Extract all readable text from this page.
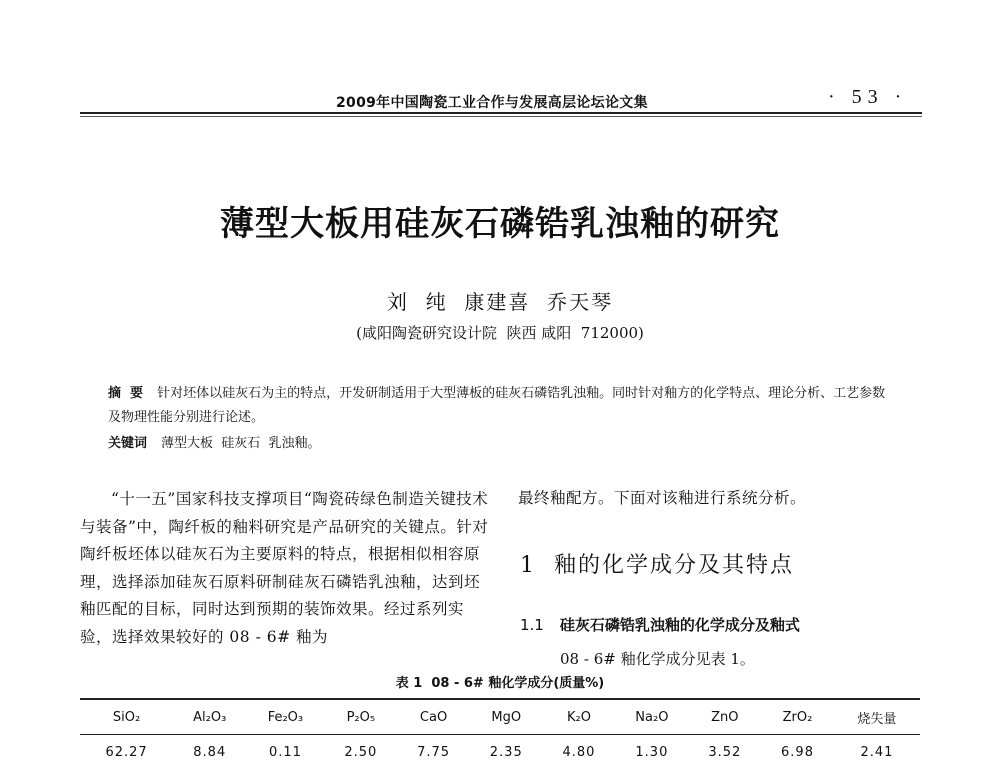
2009年中国陶瓷工业合作与发展高层论坛论文集	· 53 ·
薄型大板用硅灰石磷锆乳浊釉的研究
刘  纯  康建喜  乔天琴
(咸阳陶瓷研究设计院  陕西 咸阳  712000)
摘  要 针对坯体以硅灰石为主的特点，开发研制适用于大型薄板的硅灰石磷锆乳浊釉。同时针对釉方的化学特点、理论分析、工艺参数及物理性能分别进行论述。
关键词 薄型大板  硅灰石  乳浊釉。

“十一五”国家科技支撑项目“陶瓷砖绿色制造关键技术与装备”中，陶纤板的釉料研究是产品研究的关键点。针对陶纤板坯体以硅灰石为主要原料的特点，根据相似相容原理，选择添加硅灰石原料研制硅灰石磷锆乳浊釉，达到坯釉匹配的目标，同时达到预期的装饰效果。经过系列实验，选择效果较好的 08 - 6# 釉为

最终釉配方。下面对该釉进行系统分析。
1 釉的化学成分及其特点
1.1 硅灰石磷锆乳浊釉的化学成分及釉式
08 - 6# 釉化学成分见表 1。
表 1  08 - 6# 釉化学成分(质量%)
SiO₂	Al₂O₃	Fe₂O₃	P₂O₅	CaO	MgO	K₂O	Na₂O	ZnO	ZrO₂	烧失量
62.27	8.84	0.11	2.50	7.75	2.35	4.80	1.30	3.52	6.98	2.41
